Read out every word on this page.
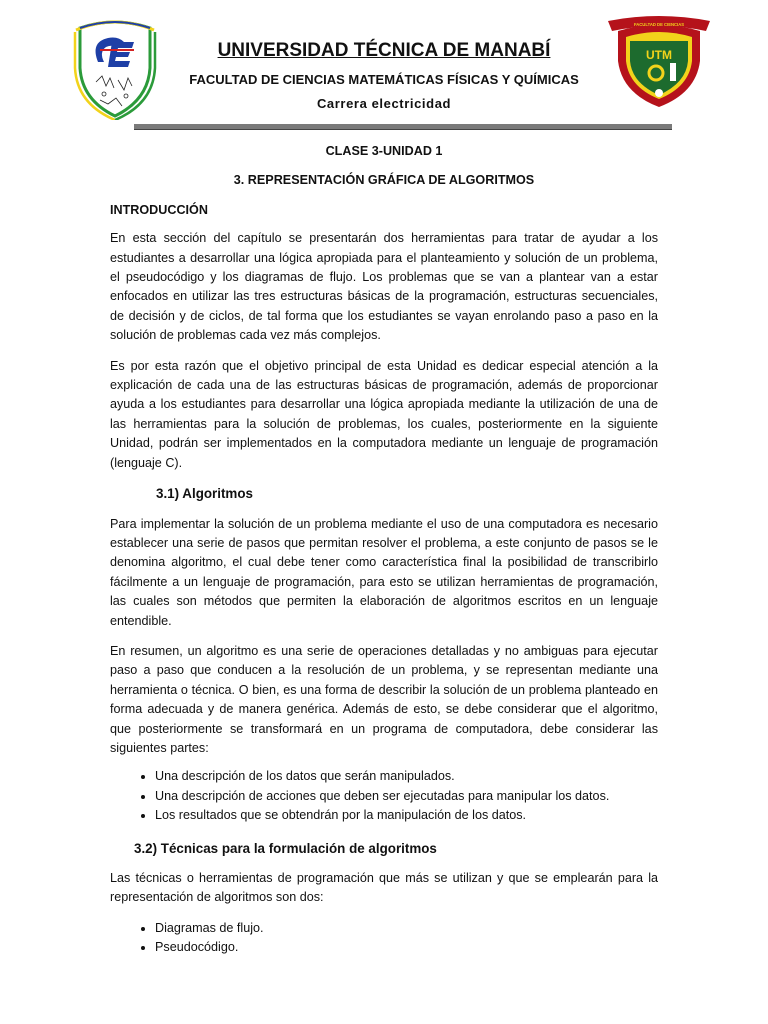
FACULTAD DE CIENCIAS
UTM
UNIVERSIDAD TÉCNICA DE MANABÍ
FACULTAD DE CIENCIAS MATEMÁTICAS FÍSICAS Y QUÍMICAS
Carrera electricidad

CLASE 3-UNIDAD 1

3. REPRESENTACIÓN GRÁFICA DE ALGORITMOS

INTRODUCCIÓN

En esta sección del capítulo se presentarán dos herramientas para tratar de ayudar a los estudiantes a desarrollar una lógica apropiada para el planteamiento y solución de un problema, el pseudocódigo y los diagramas de flujo. Los problemas que se van a plantear van a estar enfocados en utilizar las tres estructuras básicas de la programación, estructuras secuenciales, de decisión y de ciclos, de tal forma que los estudiantes se vayan enrolando paso a paso en la solución de problemas cada vez más complejos.

Es por esta razón que el objetivo principal de esta Unidad es dedicar especial atención a la explicación de cada una de las estructuras básicas de programación, además de proporcionar ayuda a los estudiantes para desarrollar una lógica apropiada mediante la utilización de una de las herramientas para la solución de problemas, los cuales, posteriormente en la siguiente Unidad, podrán ser implementados en la computadora mediante un lenguaje de programación (lenguaje C).

3.1) Algoritmos

Para implementar la solución de un problema mediante el uso de una computadora es necesario establecer una serie de pasos que permitan resolver el problema, a este conjunto de pasos se le denomina algoritmo, el cual debe tener como característica final la posibilidad de transcribirlo fácilmente a un lenguaje de programación, para esto se utilizan herramientas de programación, las cuales son métodos que permiten la elaboración de algoritmos escritos en un lenguaje entendible.

En resumen, un algoritmo es una serie de operaciones detalladas y no ambiguas para ejecutar paso a paso que conducen a la resolución de un problema, y se representan mediante una herramienta o técnica. O bien, es una forma de describir la solución de un problema planteado en forma adecuada y de manera genérica. Además de esto, se debe considerar que el algoritmo, que posteriormente se transformará en un programa de computadora, debe considerar las siguientes partes:

• Una descripción de los datos que serán manipulados.
• Una descripción de acciones que deben ser ejecutadas para manipular los datos.
• Los resultados que se obtendrán por la manipulación de los datos.

3.2) Técnicas para la formulación de algoritmos

Las técnicas o herramientas de programación que más se utilizan y que se emplearán para la representación de algoritmos son dos:

• Diagramas de flujo.
• Pseudocódigo.
